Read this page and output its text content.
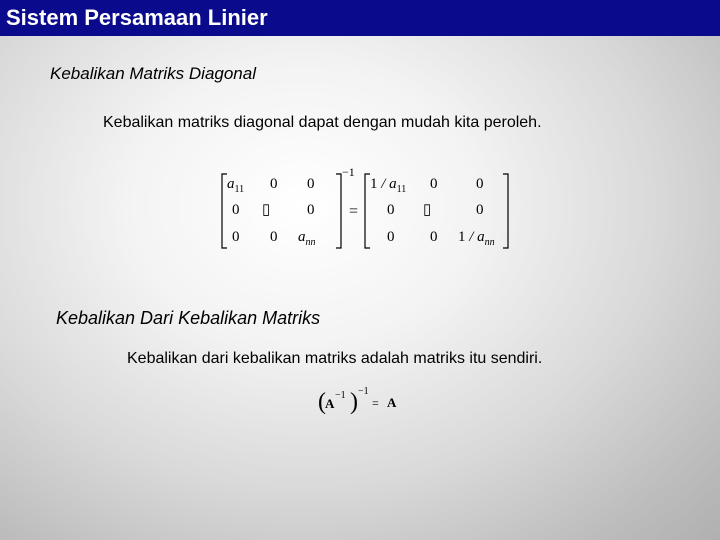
Sistem Persamaan Linier
Kebalikan Matriks Diagonal
Kebalikan matriks diagonal dapat dengan mudah kita peroleh.
$a_{11}$ 0 0
0 ▯ 0
0 0 $a_{nn}$
−1
=
$1 / a_{11}$ 0	0
0 ▯	0
0 0 $1 / a_{nn}$
Kebalikan Dari Kebalikan Matriks
Kebalikan dari kebalikan matriks adalah matriks itu sendiri.
( A
−1 ) −1
= A
